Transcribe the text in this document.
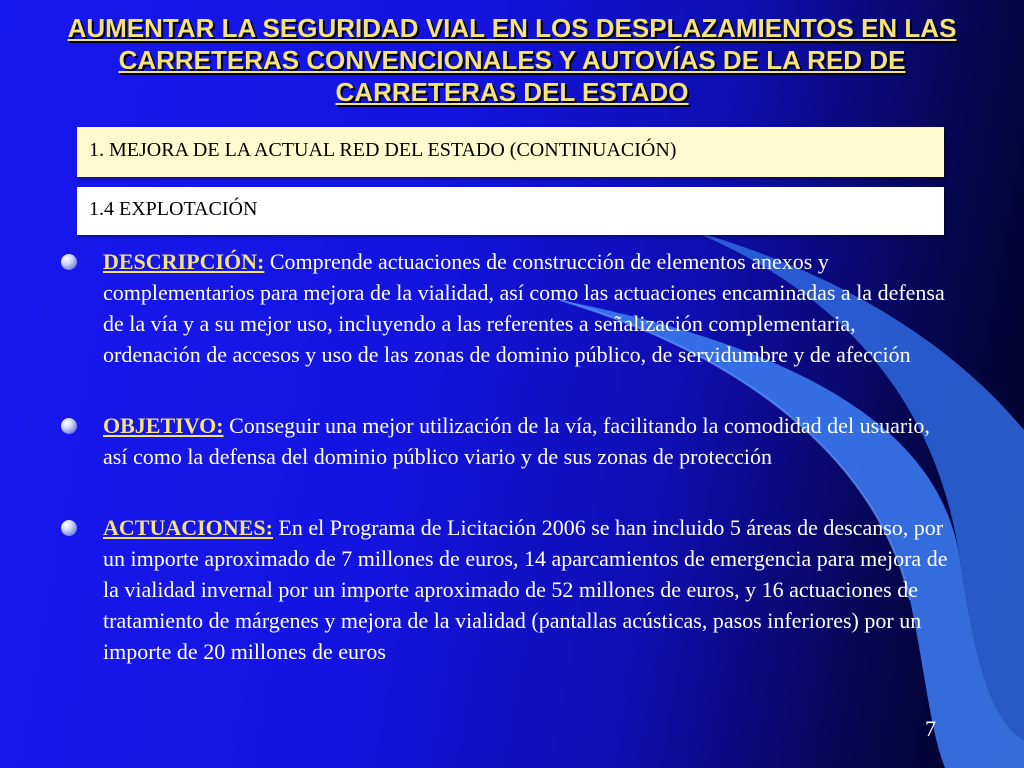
AUMENTAR LA SEGURIDAD VIAL EN LOS DESPLAZAMIENTOS EN LAS CARRETERAS CONVENCIONALES Y AUTOVÍAS DE LA RED DE CARRETERAS DEL ESTADO
1. MEJORA DE LA ACTUAL RED DEL ESTADO (CONTINUACIÓN)
1.4 EXPLOTACIÓN
DESCRIPCIÓN: Comprende actuaciones de construcción de elementos anexos y complementarios para mejora de la vialidad, así como las actuaciones encaminadas a la defensa de la vía y a su mejor uso, incluyendo a las referentes a señalización complementaria, ordenación de accesos y uso de las zonas de dominio público, de servidumbre y de afección
OBJETIVO: Conseguir una mejor utilización de la vía, facilitando la comodidad del usuario, así como la defensa del dominio público viario y de sus zonas de protección
ACTUACIONES: En el Programa de Licitación 2006 se han incluido 5 áreas de descanso, por un importe aproximado de 7 millones de euros, 14 aparcamientos de emergencia para mejora de la vialidad invernal por un importe aproximado de 52 millones de euros, y 16 actuaciones de tratamiento de márgenes y mejora de la vialidad (pantallas acústicas, pasos inferiores) por un importe de 20 millones de euros
7
